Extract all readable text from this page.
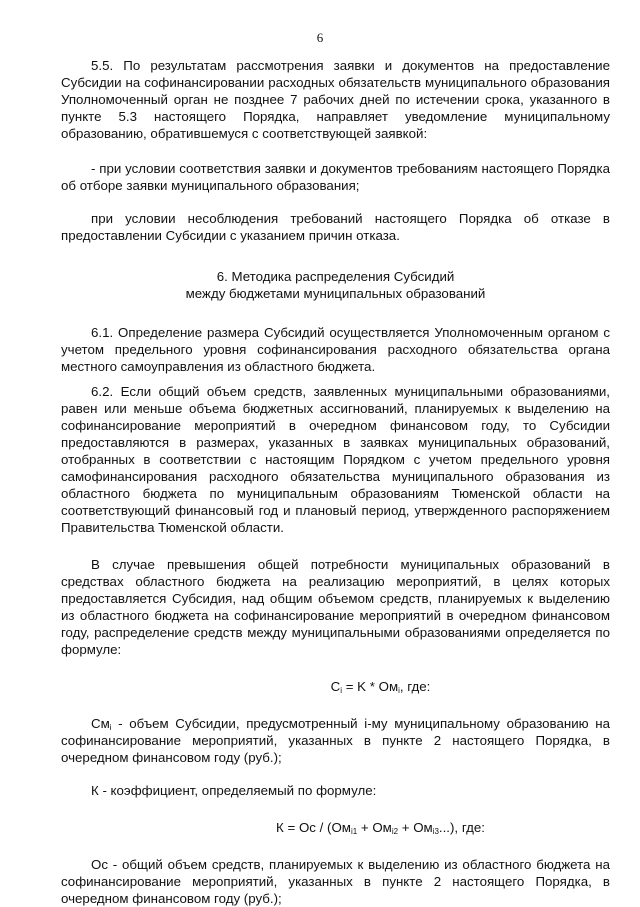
6

5.5. По результатам рассмотрения заявки и документов на предоставление Субсидии на софинансировании расходных обязательств муниципального образования Уполномоченный орган не позднее 7 рабочих дней по истечении срока, указанного в пункте 5.3 настоящего Порядка, направляет уведомление муниципальному образованию, обратившемуся с соответствующей заявкой:

- при условии соответствия заявки и документов требованиям настоящего Порядка об отборе заявки муниципального образования;

при условии несоблюдения требований настоящего Порядка об отказе в предоставлении Субсидии с указанием причин отказа.

6. Методика распределения Субсидий
между бюджетами муниципальных образований

6.1. Определение размера Субсидий осуществляется Уполномоченным органом с учетом предельного уровня софинансирования расходного обязательства органа местного самоуправления из областного бюджета.

6.2. Если общий объем средств, заявленных муниципальными образованиями, равен или меньше объема бюджетных ассигнований, планируемых к выделению на софинансирование мероприятий в очередном финансовом году, то Субсидии предоставляются в размерах, указанных в заявках муниципальных образований, отобранных в соответствии с настоящим Порядком с учетом предельного уровня самофинансирования расходного обязательства муниципального образования из областного бюджета по муниципальным образованиям Тюменской области на соответствующий финансовый год и плановый период, утвержденного распоряжением Правительства Тюменской области.

В случае превышения общей потребности муниципальных образований в средствах областного бюджета на реализацию мероприятий, в целях которых предоставляется Субсидия, над общим объемом средств, планируемых к выделению из областного бюджета на софинансирование мероприятий в очередном финансовом году, распределение средств между муниципальными образованиями определяется по формуле:

$C_i = K * Ом_i$, где:

$См_i$ - объем Субсидии, предусмотренный i-му муниципальному образованию на софинансирование мероприятий, указанных в пункте 2 настоящего Порядка, в очередном финансовом году (руб.);

К - коэффициент, определяемый по формуле:

К = Ос / $(Ом_{i1} + Ом_{i2} + Ом_{i3}...)$, где:

Ос - общий объем средств, планируемых к выделению из областного бюджета на софинансирование мероприятий, указанных в пункте 2 настоящего Порядка, в очередном финансовом году (руб.);
